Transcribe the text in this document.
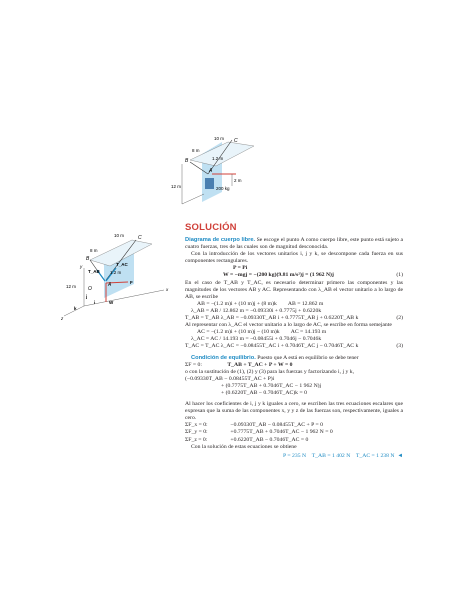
10 m
8 m
B
C
1.2 m
A
12 m
2 m
200 kg
10 m
8 m
B
C
T_AC
T_AB 1.2 m
A	F
O
12 m
W
y
j
i
k
x
z
SOLUCIÓN

Diagrama de cuerpo libre. Se escoge el punto A como cuerpo libre, este punto está sujeto a cuatro fuerzas, tres de las cuales son de magnitud desconocida.

Con la introducción de los vectores unitarios i, j y k, se descompone cada fuerza en sus componentes rectangulares.

P = Pi
W = −mgj = −(200 kg)(9.81 m/s²)j = (1 962 N)j	(1)

En el caso de T_AB y T_AC, es necesario determinar primero las componentes y las magnitudes de los vectores AB y AC. Representando con λ_AB el vector unitario a lo largo de AB, se escribe

AB = −(1.2 m)i + (10 m)j + (8 m)k        AB = 12.862 m
λ_AB = AB / 12.862 m = −0.09330i + 0.7775j + 0.6220k
T_AB = T_AB λ_AB = −0.09330T_AB i + 0.7775T_AB j + 0.6220T_AB k	(2)

Al representar con λ_AC el vector unitario a lo largo de AC, se escribe en forma semejante

AC = −(1.2 m)i + (10 m)j − (10 m)k        AC = 14.193 m
λ_AC = AC / 14.193 m = −0.08455i + 0.7046j − 0.7046k
T_AC = T_AC λ_AC = −0.08455T_AC i + 0.7046T_AC j − 0.7046T_AC k	(3)

Condición de equilibrio. Puesto que A está en equilibrio se debe tener

ΣF = 0:	T_AB + T_AC + P + W = 0

o con la sustitución de (1), (2) y (3) para las fuerzas y factorizando i, j y k,

(−0.09330T_AB − 0.08455T_AC + P)i
+ (0.7775T_AB + 0.7046T_AC − 1 962 N)j
+ (0.6220T_AB − 0.7046T_AC)k = 0

Al hacer los coeficientes de i, j y k iguales a cero, se escriben las tres ecuaciones escalares que expresan que la suma de las componentes x, y y z de las fuerzas son, respectivamente, iguales a cero.

ΣF_x = 0:	−0.09330T_AB − 0.08455T_AC + P = 0
ΣF_y = 0:	+0.7775T_AB + 0.7046T_AC − 1 962 N = 0
ΣF_z = 0:	+0.6220T_AB − 0.7046T_AC = 0

Con la solución de estas ecuaciones se obtiene

P = 235 N T_AB = 1 402 N T_AC = 1 238 N ◄
